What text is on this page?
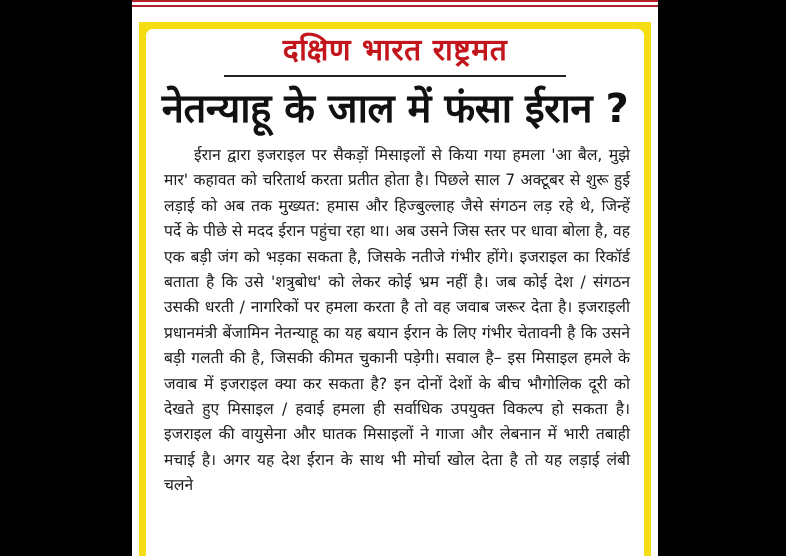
दक्षिण भारत राष्ट्रमत
नेतन्याहू के जाल में फंसा ईरान ?
ईरान द्वारा इजराइल पर सैकड़ों मिसाइलों से किया गया हमला 'आ बैल, मुझे मार' कहावत को चरितार्थ करता प्रतीत होता है। पिछले साल 7 अक्टूबर से शुरू हुई लड़ाई को अब तक मुख्यत: हमास और हिज्बुल्लाह जैसे संगठन लड़ रहे थे, जिन्हें पर्दे के पीछे से मदद ईरान पहुंचा रहा था। अब उसने जिस स्तर पर धावा बोला है, वह एक बड़ी जंग को भड़का सकता है, जिसके नतीजे गंभीर होंगे। इजराइल का रिकॉर्ड बताता है कि उसे 'शत्रुबोध' को लेकर कोई भ्रम नहीं है। जब कोई देश / संगठन उसकी धरती / नागरिकों पर हमला करता है तो वह जवाब जरूर देता है। इजराइली प्रधानमंत्री बेंजामिन नेतन्याहू का यह बयान ईरान के लिए गंभीर चेतावनी है कि उसने बड़ी गलती की है, जिसकी कीमत चुकानी पड़ेगी। सवाल है– इस मिसाइल हमले के जवाब में इजराइल क्या कर सकता है? इन दोनों देशों के बीच भौगोलिक दूरी को देखते हुए मिसाइल / हवाई हमला ही सर्वाधिक उपयुक्त विकल्प हो सकता है। इजराइल की वायुसेना और घातक मिसाइलों ने गाजा और लेबनान में भारी तबाही मचाई है। अगर यह देश ईरान के साथ भी मोर्चा खोल देता है तो यह लड़ाई लंबी चलने
